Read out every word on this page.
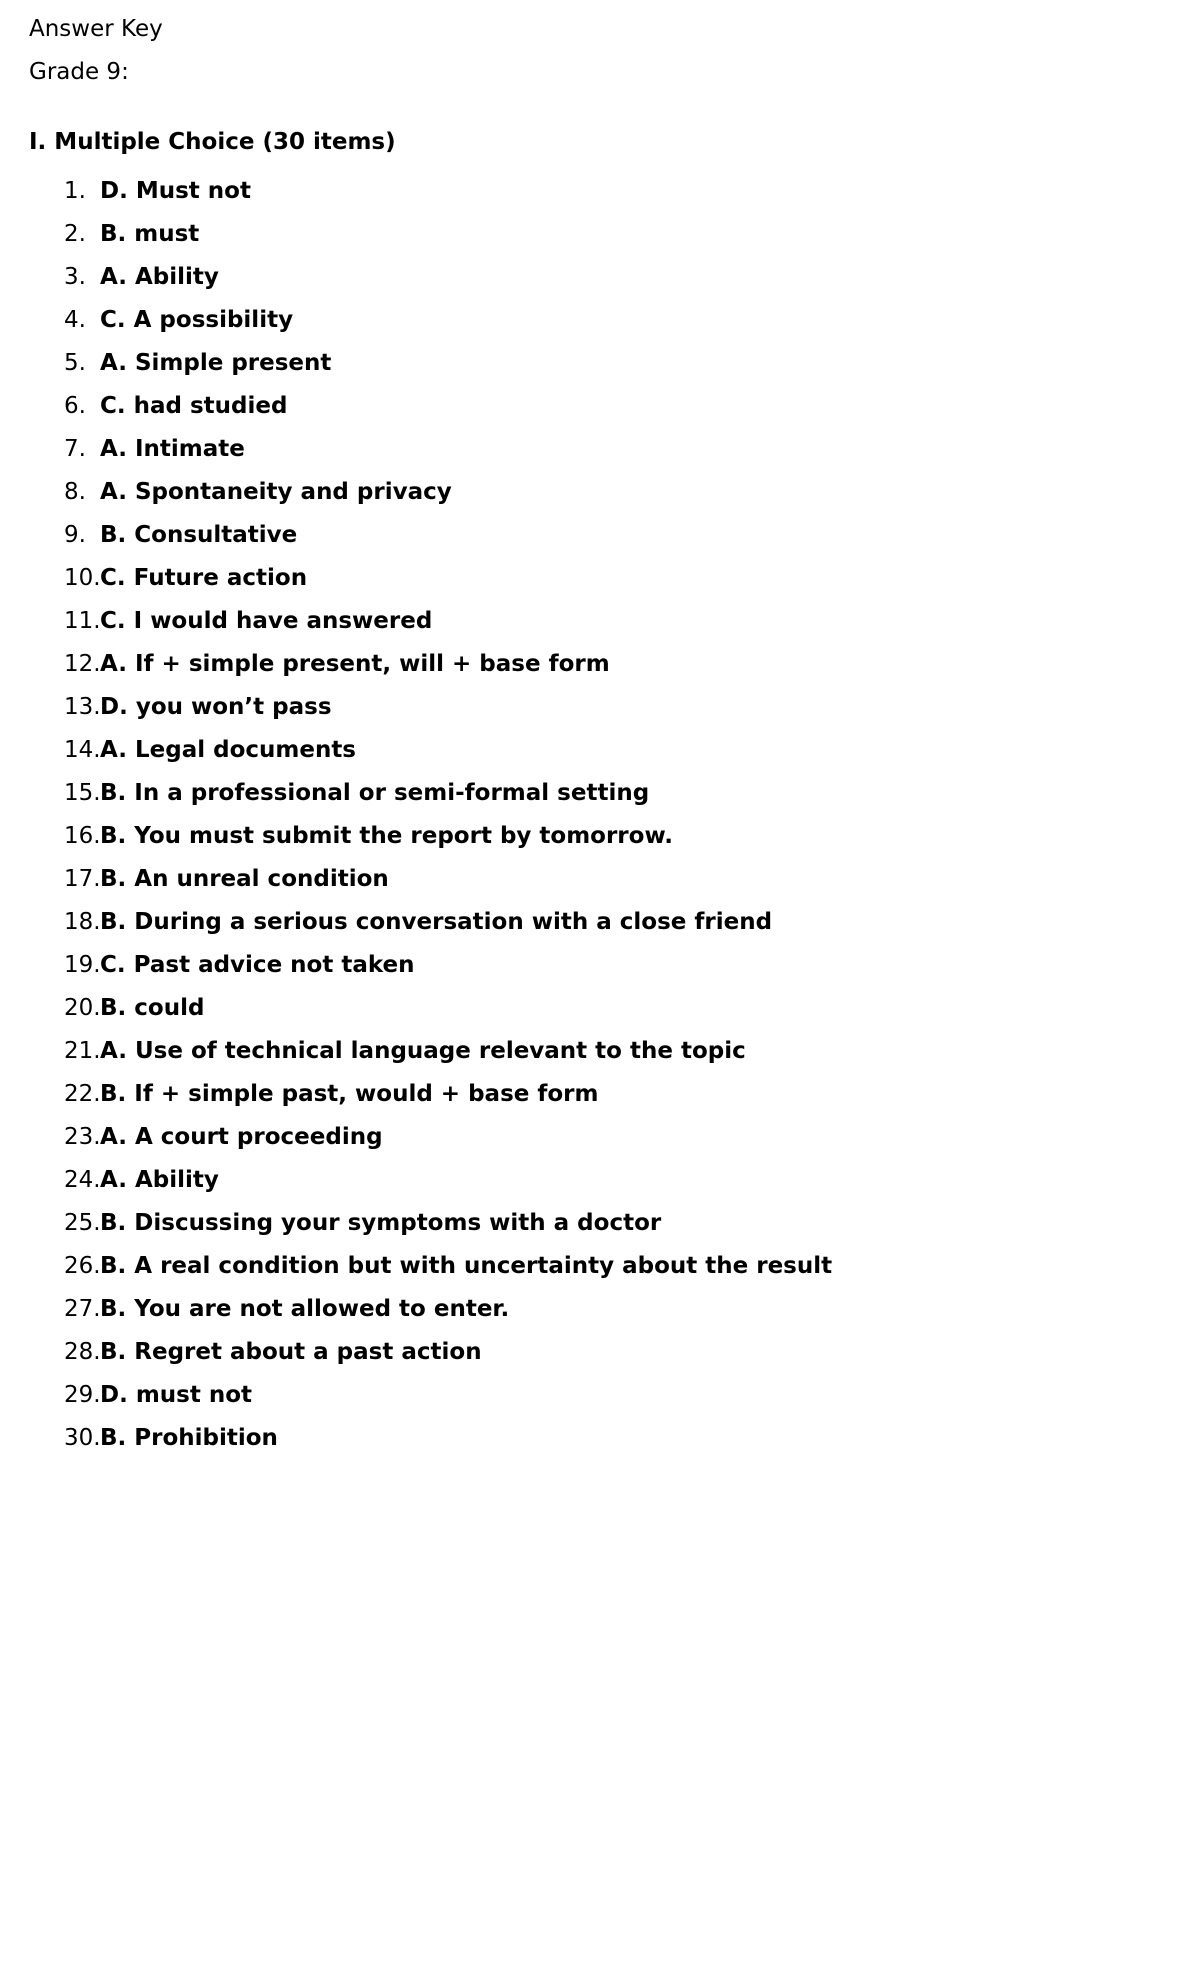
Answer Key

Grade 9:

I. Multiple Choice (30 items)

1. D. Must not
2. B. must
3. A. Ability
4. C. A possibility
5. A. Simple present
6. C. had studied
7. A. Intimate
8. A. Spontaneity and privacy
9. B. Consultative
10. C. Future action
11. C. I would have answered
12. A. If + simple present, will + base form
13. D. you won’t pass
14. A. Legal documents
15. B. In a professional or semi-formal setting
16. B. You must submit the report by tomorrow.
17. B. An unreal condition
18. B. During a serious conversation with a close friend
19. C. Past advice not taken
20. B. could
21. A. Use of technical language relevant to the topic
22. B. If + simple past, would + base form
23. A. A court proceeding
24. A. Ability
25. B. Discussing your symptoms with a doctor
26. B. A real condition but with uncertainty about the result
27. B. You are not allowed to enter.
28. B. Regret about a past action
29. D. must not
30. B. Prohibition
